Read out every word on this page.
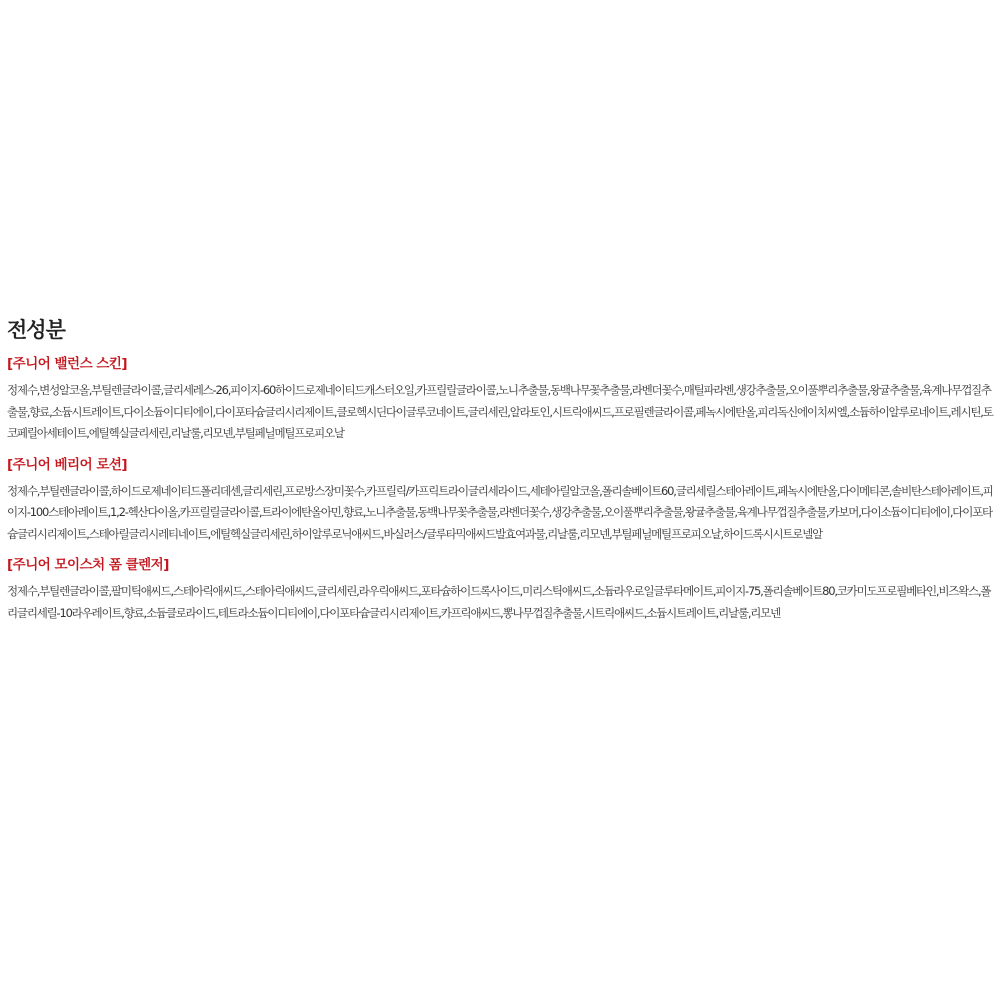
전성분
[주니어 밸런스 스킨]
정제수,변성알코올,부틸렌글라이콜,글리세레스-26,피이지-60하이드로제네이티드캐스터오일,카프릴릴글라이콜,노니추출물,동백나무꽃추출물,라벤더꽃수,매틸파라벤,생강추출물,오이풀뿌리추출물,왕귤추출물,육계나무껍질추출물,향료,소듐시트레이트,다이소듐이디티에이,다이포타슘글리시리제이트,클로헥시딘다이글루코네이트,글리세린,알라토인,시트릭애씨드,프로필렌글라이콜,페녹시에탄올,피리독신에이치씨엘,소듐하이알루로네이트,레시틴,토코페릴아세테이트,에틸헥실글리세린,리날룰,리모넨,부틸페닐메틸프로피오날
[주니어 베리어 로션]
정제수,부틸렌글라이콜,하이드로제네이티드폴리데센,글리세린,프로방스장미꽃수,카프릴릭/카프릭트라이글리세라이드,세테아릴알코올,폴리솔베이트60,글리세릴스테아레이트,페녹시에탄올,다이메티콘,솔비탄스테아레이트,피이지-100스테아레이트,1,2-헥산다이올,카프릴릴글라이콜,트라이에탄올아민,향료,노니추출물,동백나무꽃추출물,라벤더꽃수,생강추출물,오이풀뿌리추출물,왕귤추출물,육계나무껍질추출물,카보머,다이소듐이디티에이,다이포타슘글리시리제이트,스테아릴글리시레티네이트,에틸헥실글리세린,하이알루로닉애씨드,바실러스/글루타믹애씨드발효여과물,리날룰,리모넨,부틸페닐메틸프로피오날,하이드록시시트로넬알
[주니어 모이스처 폼 클렌저]
정제수,부틸렌글라이콜,팔미틱애씨드,스테아릭애씨드,스테아릭애씨드,글리세린,라우릭애씨드,포타슘하이드록사이드,미리스틱애씨드,소듐라우로일글루타메이트,피이지-75,폴리솔베이트80,코카미도프로필베타인,비즈왁스,폴리글리세릴-10라우레이트,향료,소듐클로라이드,테트라소듐이디티에이,다이포타슘글리시리제이트,카프릭애씨드,뽕나무껍질추출물,시트릭애씨드,소듐시트레이트,리날룰,리모넨
